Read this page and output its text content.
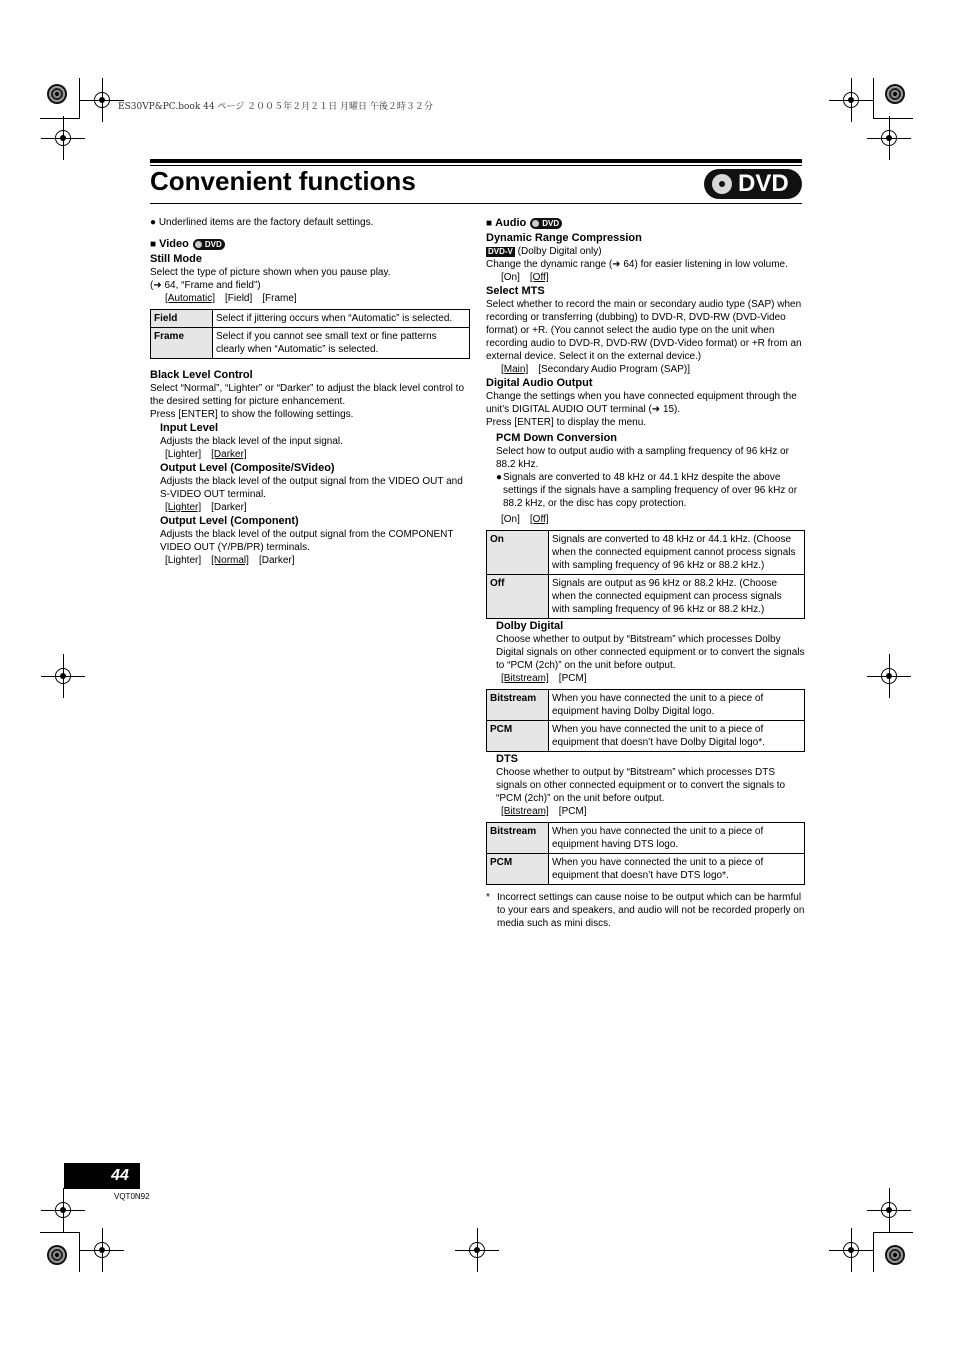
ES30VP&PC.book 44 ページ ２００５年２月２１日 月曜日 午後２時３２分
Convenient functions	DVD

● Underlined items are the factory default settings.

■ Video DVD

Still Mode

Select the type of picture shown when you pause play.

(➜ 64, “Frame and field”)

[Automatic] [Field] [Frame]

Field	Select if jittering occurs when “Automatic” is selected.
Frame	Select if you cannot see small text or fine patterns clearly when “Automatic” is selected.

Black Level Control

Select “Normal”, “Lighter” or “Darker” to adjust the black level control to the desired setting for picture enhancement.

Press [ENTER] to show the following settings.

Input Level

Adjusts the black level of the input signal.

[Lighter] [Darker]

Output Level (Composite/SVideo)

Adjusts the black level of the output signal from the VIDEO OUT and S-VIDEO OUT terminal.

[Lighter] [Darker]

Output Level (Component)

Adjusts the black level of the output signal from the COMPONENT VIDEO OUT (Y/PB/PR) terminals.

[Lighter] [Normal] [Darker]

■ Audio DVD

Dynamic Range Compression

DVD-V (Dolby Digital only)

Change the dynamic range (➜ 64) for easier listening in low volume.

[On] [Off]

Select MTS

Select whether to record the main or secondary audio type (SAP) when recording or transferring (dubbing) to DVD-R, DVD-RW (DVD-Video format) or +R. (You cannot select the audio type on the unit when recording audio to DVD-R, DVD-RW (DVD-Video format) or +R from an external device. Select it on the external device.)

[Main] [Secondary Audio Program (SAP)]

Digital Audio Output

Change the settings when you have connected equipment through the unit’s DIGITAL AUDIO OUT terminal (➜ 15).

Press [ENTER] to display the menu.

PCM Down Conversion

Select how to output audio with a sampling frequency of 96 kHz or 88.2 kHz.

● Signals are converted to 48 kHz or 44.1 kHz despite the above settings if the signals have a sampling frequency of over 96 kHz or 88.2 kHz, or the disc has copy protection.

[On] [Off]

On	Signals are converted to 48 kHz or 44.1 kHz. (Choose when the connected equipment cannot process signals with sampling frequency of 96 kHz or 88.2 kHz.)
Off	Signals are output as 96 kHz or 88.2 kHz. (Choose when the connected equipment can process signals with sampling frequency of 96 kHz or 88.2 kHz.)

Dolby Digital

Choose whether to output by “Bitstream” which processes Dolby Digital signals on other connected equipment or to convert the signals to “PCM (2ch)” on the unit before output.

[Bitstream] [PCM]

Bitstream	When you have connected the unit to a piece of equipment having Dolby Digital logo.
PCM	When you have connected the unit to a piece of equipment that doesn’t have Dolby Digital logo*.

DTS

Choose whether to output by “Bitstream” which processes DTS signals on other connected equipment or to convert the signals to “PCM (2ch)” on the unit before output.

[Bitstream] [PCM]

Bitstream	When you have connected the unit to a piece of equipment having DTS logo.
PCM	When you have connected the unit to a piece of equipment that doesn’t have DTS logo*.
* Incorrect settings can cause noise to be output which can be harmful to your ears and speakers, and audio will not be recorded properly on media such as mini discs.
44
VQT0N92
